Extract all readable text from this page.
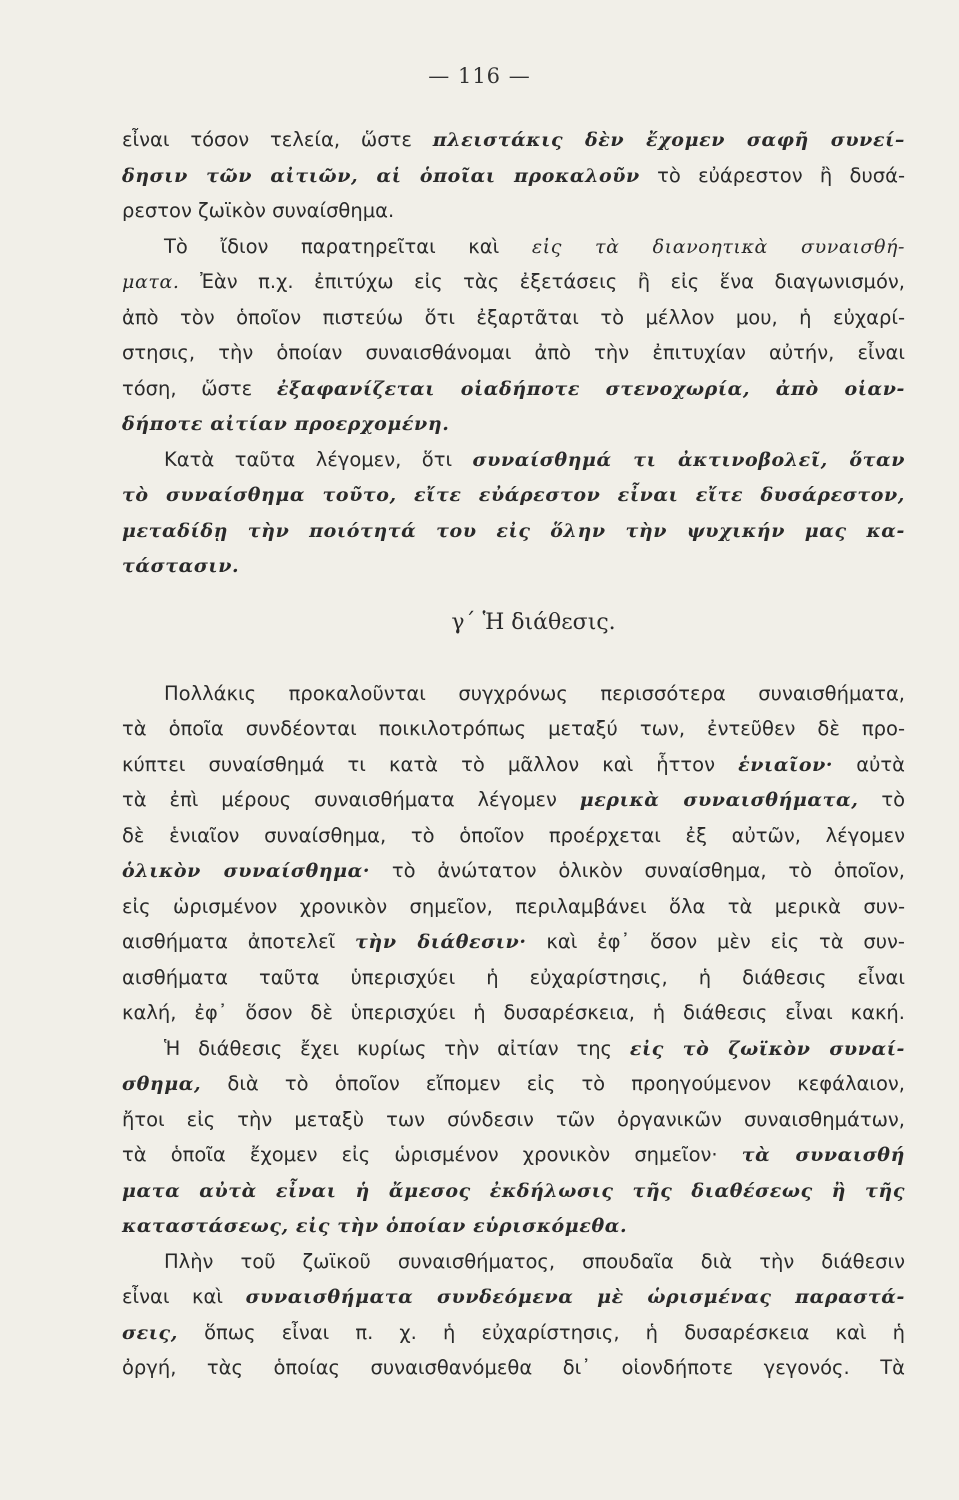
— 116 —
εἶναι τόσον τελεία, ὥστε πλειστάκις δὲν ἔχομεν σαφῆ συνεί–
δησιν τῶν αἰτιῶν, αἱ ὁποῖαι προκαλοῦν τὸ εὐάρεστον ἢ δυσά-
ρεστον ζωϊκὸν συναίσθημα.
Τὸ ἴδιον παρατηρεῖται καὶ εἰς τὰ διανοητικὰ συναισθή-
ματα. Ἐὰν π.χ. ἐπιτύχω εἰς τὰς ἐξετάσεις ἢ εἰς ἕνα διαγωνισμόν,
ἀπὸ τὸν ὁποῖον πιστεύω ὅτι ἐξαρτᾶται τὸ μέλλον μου, ἡ εὐχαρί-
στησις, τὴν ὁποίαν συναισθάνομαι ἀπὸ τὴν ἐπιτυχίαν αὐτήν, εἶναι
τόση, ὥστε ἐξαφανίζεται οἱαδήποτε στενοχωρία, ἀπὸ οἱαν-
δήποτε αἰτίαν προερχομένη.
Κατὰ ταῦτα λέγομεν, ὅτι συναίσθημά τι ἀκτινοβολεῖ, ὅταν
τὸ συναίσθημα τοῦτο, εἴτε εὐάρεστον εἶναι εἴτε δυσάρεστον,
μεταδίδῃ τὴν ποιότητά του εἰς ὅλην τὴν ψυχικήν μας κα-
τάστασιν.
γ΄ Ἡ διάθεσις.
Πολλάκις προκαλοῦνται συγχρόνως περισσότερα συναισθήματα,
τὰ ὁποῖα συνδέονται ποικιλοτρόπως μεταξύ των, ἐντεῦθεν δὲ προ-
κύπτει συναίσθημά τι κατὰ τὸ μᾶλλον καὶ ἧττον ἑνιαῖον· αὐτὰ
τὰ ἐπὶ μέρους συναισθήματα λέγομεν μερικὰ συναισθήματα, τὸ
δὲ ἑνιαῖον συναίσθημα, τὸ ὁποῖον προέρχεται ἐξ αὐτῶν, λέγομεν
ὁλικὸν συναίσθημα· τὸ ἀνώτατον ὁλικὸν συναίσθημα, τὸ ὁποῖον,
εἰς ὡρισμένον χρονικὸν σημεῖον, περιλαμβάνει ὅλα τὰ μερικὰ συν-
αισθήματα ἀποτελεῖ τὴν διάθεσιν· καὶ ἐφ᾽ ὅσον μὲν εἰς τὰ συν-
αισθήματα ταῦτα ὑπερισχύει ἡ εὐχαρίστησις, ἡ διάθεσις εἶναι
καλή, ἐφ᾽ ὅσον δὲ ὑπερισχύει ἡ δυσαρέσκεια, ἡ διάθεσις εἶναι κακή.
Ἡ διάθεσις ἔχει κυρίως τὴν αἰτίαν της εἰς τὸ ζωϊκὸν συναί-
σθημα, διὰ τὸ ὁποῖον εἴπομεν εἰς τὸ προηγούμενον κεφάλαιον,
ἤτοι εἰς τὴν μεταξὺ των σύνδεσιν τῶν ὀργανικῶν συναισθημάτων,
τὰ ὁποῖα ἔχομεν εἰς ὡρισμένον χρονικὸν σημεῖον· τὰ συναισθή
ματα αὐτὰ εἶναι ἡ ἄμεσος ἐκδήλωσις τῆς διαθέσεως ἢ τῆς
καταστάσεως, εἰς τὴν ὁποίαν εὑρισκόμεθα.
Πλὴν τοῦ ζωϊκοῦ συναισθήματος, σπουδαῖα διὰ τὴν διάθεσιν
εἶναι καὶ συναισθήματα συνδεόμενα μὲ ὡρισμένας παραστά-
σεις, ὅπως εἶναι π. χ. ἡ εὐχαρίστησις, ἡ δυσαρέσκεια καὶ ἡ
ὀργή, τὰς ὁποίας συναισθανόμεθα δι᾽ οἱονδήποτε γεγονός. Τὰ
